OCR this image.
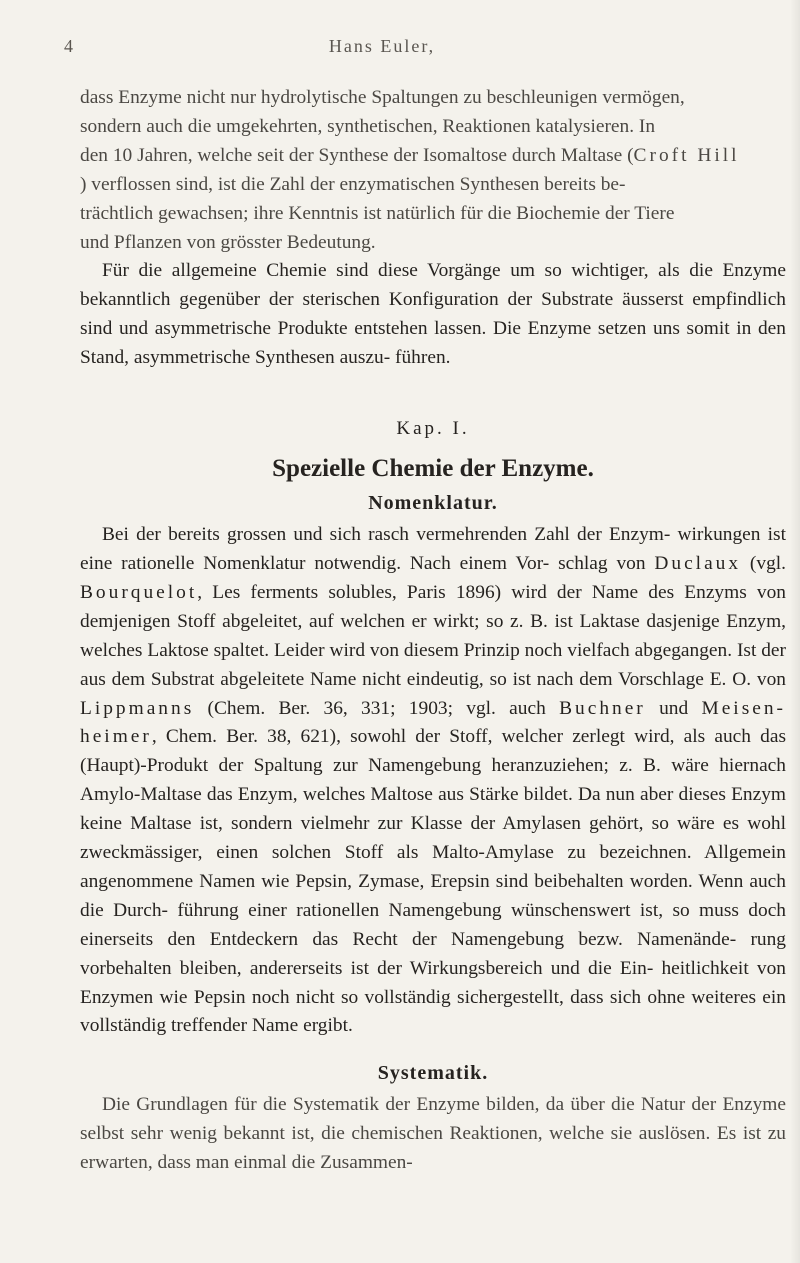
4	Hans Euler,

dass Enzyme nicht nur hydrolytische Spaltungen zu beschleunigen vermögen,
sondern auch die umgekehrten, synthetischen, Reaktionen katalysieren. In
den 10 Jahren, welche seit der Synthese der Isomaltose durch Maltase (Croft Hill
) verflossen sind, ist die Zahl der enzymatischen Synthesen bereits be-
trächtlich gewachsen; ihre Kenntnis ist natürlich für die Biochemie der Tiere
und Pflanzen von grösster Bedeutung.

Für die allgemeine Chemie sind diese Vorgänge um so wichtiger, als die Enzyme bekanntlich gegenüber der sterischen Konfiguration der Substrate äusserst empfindlich sind und asymmetrische Produkte entstehen lassen. Die Enzyme setzen uns somit in den Stand, asymmetrische Synthesen auszu- führen.

Kap. I.
Spezielle Chemie der Enzyme.
Nomenklatur.

Bei der bereits grossen und sich rasch vermehrenden Zahl der Enzym- wirkungen ist eine rationelle Nomenklatur notwendig. Nach einem Vor- schlag von Duclaux (vgl. Bourquelot, Les ferments solubles, Paris 1896) wird der Name des Enzyms von demjenigen Stoff abgeleitet, auf welchen er wirkt; so z. B. ist Laktase dasjenige Enzym, welches Laktose spaltet. Leider wird von diesem Prinzip noch vielfach abgegangen. Ist der aus dem Substrat abgeleitete Name nicht eindeutig, so ist nach dem Vorschlage E. O. von Lippmanns (Chem. Ber. 36, 331; 1903; vgl. auch Buchner und Meisen- heimer, Chem. Ber. 38, 621), sowohl der Stoff, welcher zerlegt wird, als auch das (Haupt)-Produkt der Spaltung zur Namengebung heranzuziehen; z. B. wäre hiernach Amylo-Maltase das Enzym, welches Maltose aus Stärke bildet. Da nun aber dieses Enzym keine Maltase ist, sondern vielmehr zur Klasse der Amylasen gehört, so wäre es wohl zweckmässiger, einen solchen Stoff als Malto-Amylase zu bezeichnen. Allgemein angenommene Namen wie Pepsin, Zymase, Erepsin sind beibehalten worden. Wenn auch die Durch- führung einer rationellen Namengebung wünschenswert ist, so muss doch einerseits den Entdeckern das Recht der Namengebung bezw. Namenände- rung vorbehalten bleiben, andererseits ist der Wirkungsbereich und die Ein- heitlichkeit von Enzymen wie Pepsin noch nicht so vollständig sichergestellt, dass sich ohne weiteres ein vollständig treffender Name ergibt.

Systematik.

Die Grundlagen für die Systematik der Enzyme bilden, da über die Natur der Enzyme selbst sehr wenig bekannt ist, die chemischen Reaktionen, welche sie auslösen. Es ist zu erwarten, dass man einmal die Zusammen-
